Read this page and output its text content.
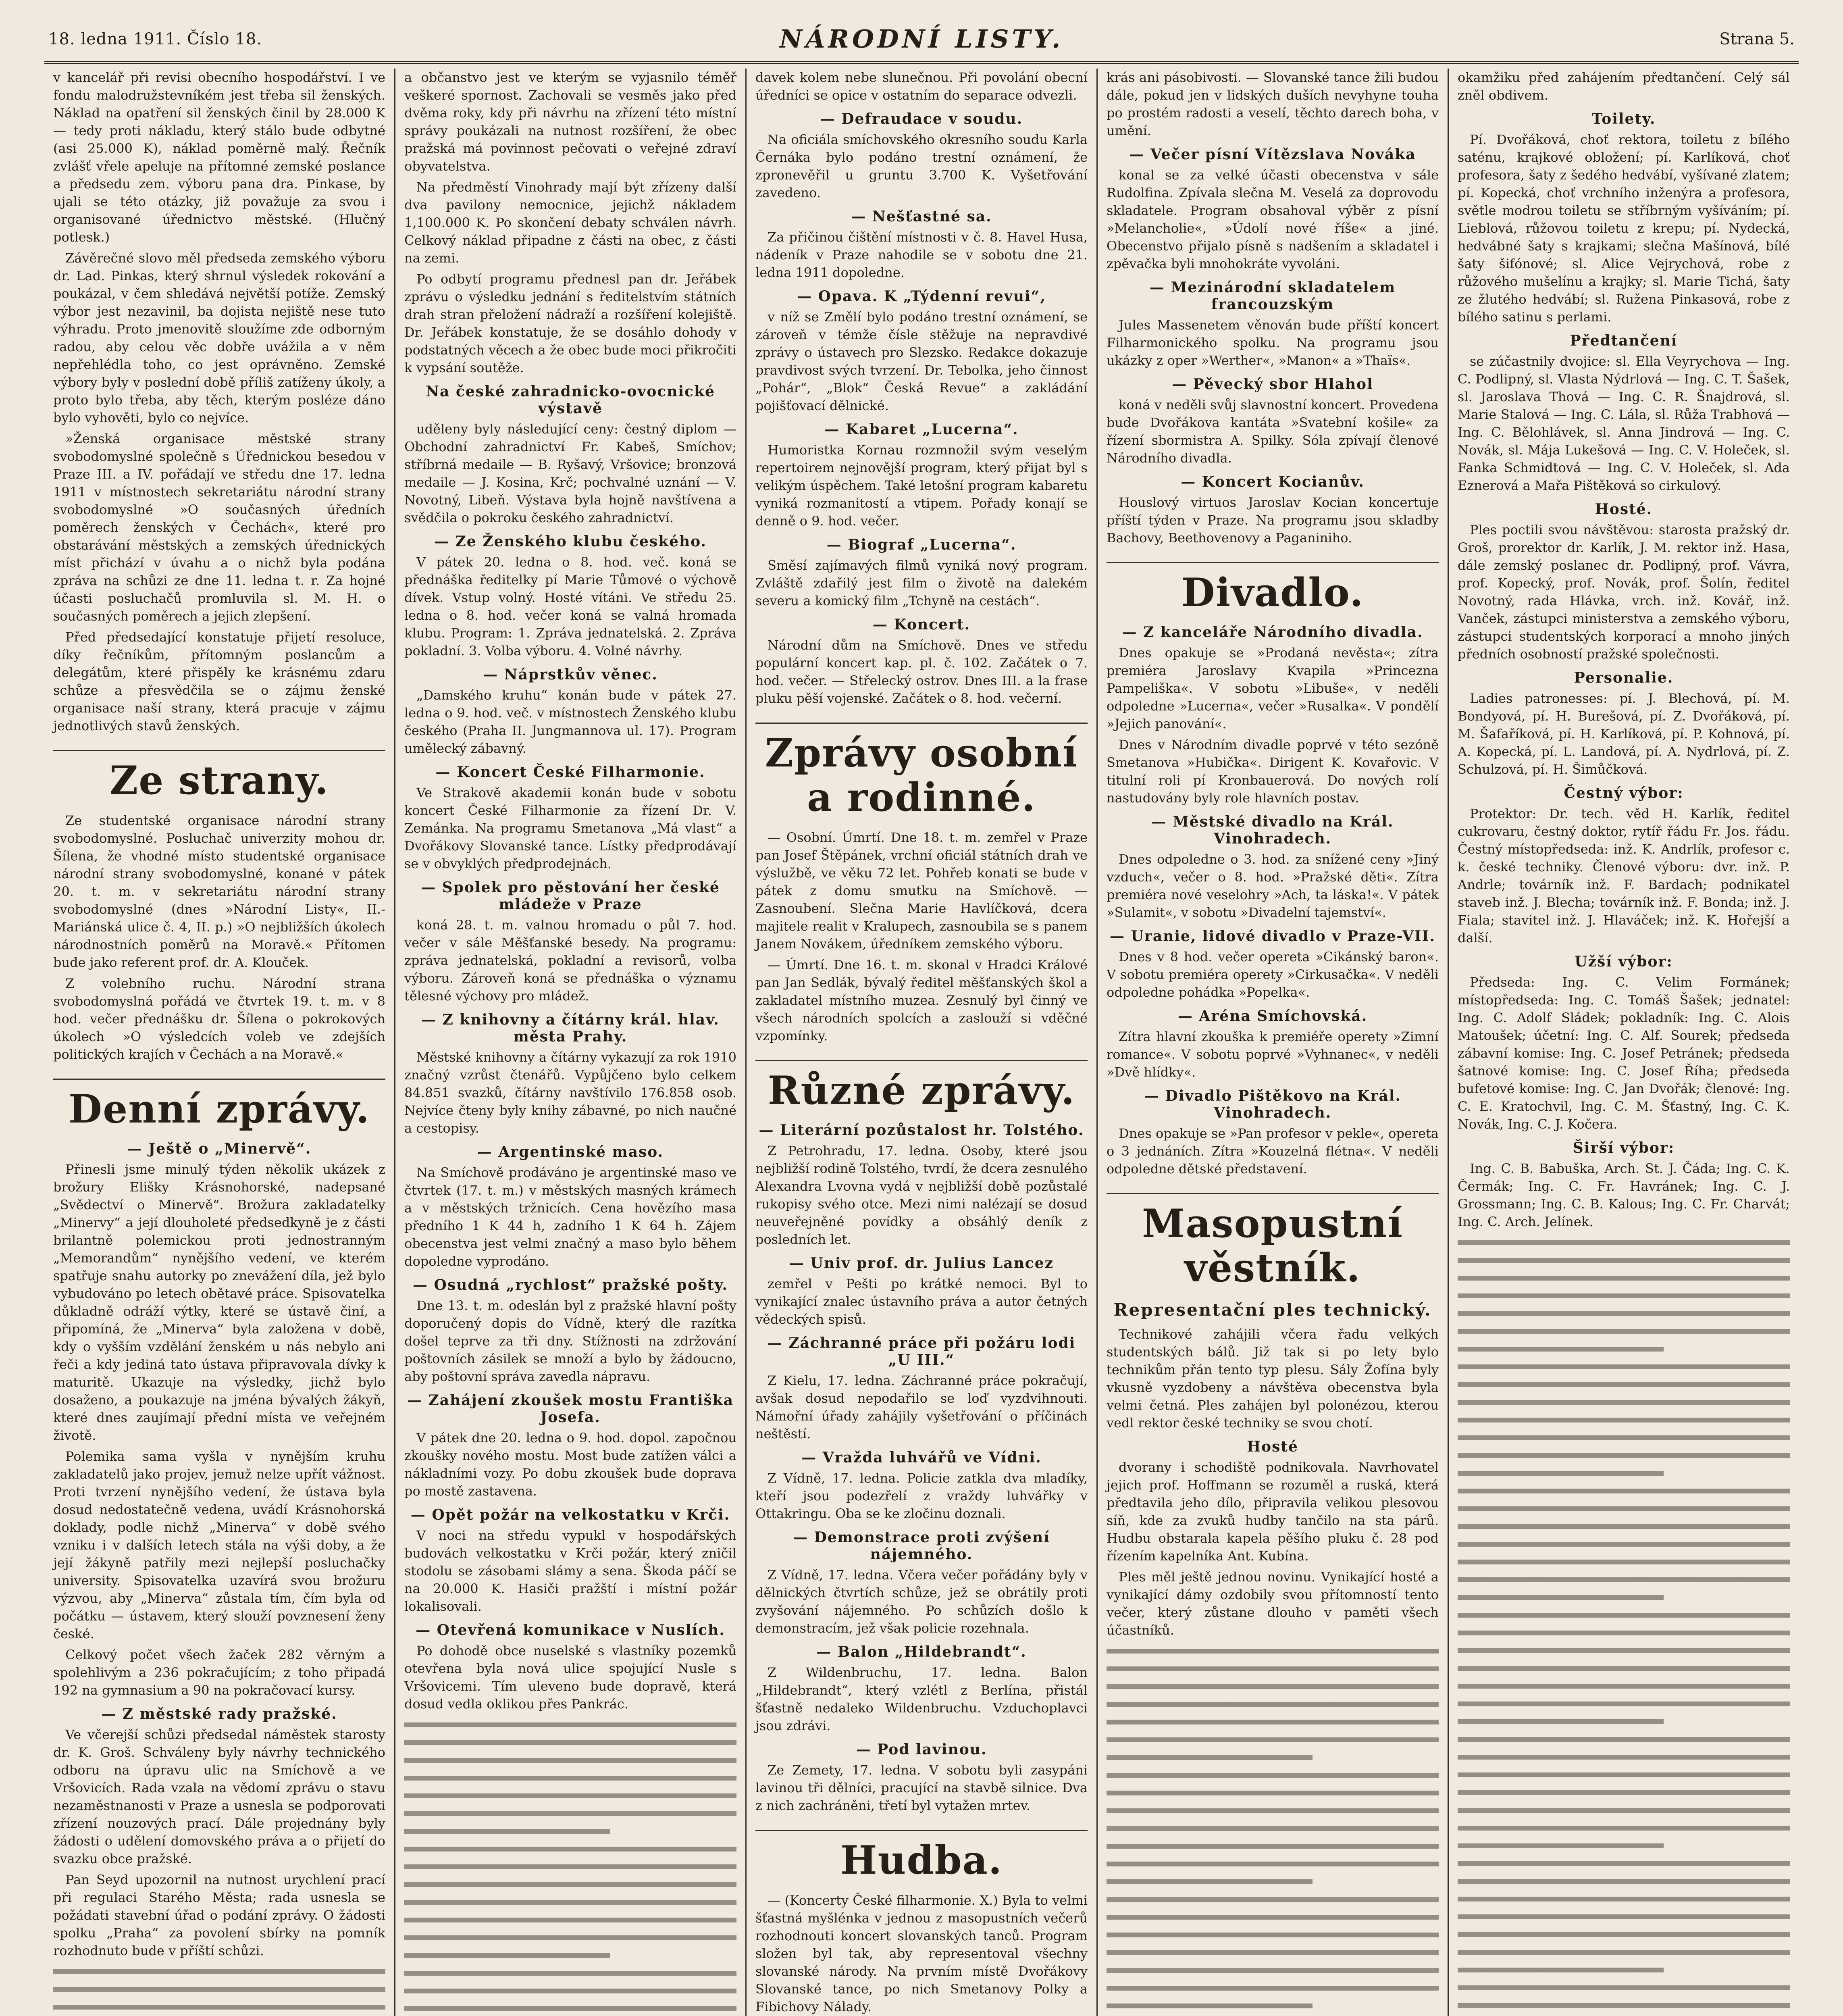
18. ledna 1911. Číslo 18.	NÁRODNÍ LISTY.	Strana 5.

v kancelář při revisi obecního hospodářství. I ve fondu malodružstevníkém jest třeba sil ženských. Náklad na opatření sil ženských činil by 28.000 K — tedy proti nákladu, který stálo bude odbytné (asi 25.000 K), náklad poměrně malý. Řečník zvlášť vřele apeluje na přítomné zemské poslance a předsedu zem. výboru pana dra. Pinkase, by ujali se této otázky, již považuje za svou i organisované úřednictvo městské. (Hlučný potlesk.)

Závěrečné slovo měl předseda zemského výboru dr. Lad. Pinkas, který shrnul výsledek rokování a poukázal, v čem shledává největší potíže. Zemský výbor jest nezavinil, ba dojista nejiště nese tuto výhradu. Proto jmenovitě sloužíme zde odborným radou, aby celou věc dobře uvážila a v něm nepřehlédla toho, co jest oprávněno. Zemské výbory byly v poslední době příliš zatíženy úkoly, a proto bylo třeba, aby těch, kterým posléze dáno bylo vyhověti, bylo co nejvíce.

»Ženská organisace městské strany svobodomyslné společně s Úřednickou besedou v Praze III. a IV. pořádají ve středu dne 17. ledna 1911 v místnostech sekretariátu národní strany svobodomyslné »O současných úředních poměrech ženských v Čechách«, které pro obstarávání městských a zemských úřednických míst přichází v úvahu a o nichž byla podána zpráva na schůzi ze dne 11. ledna t. r. Za hojné účasti posluchačů promluvila sl. M. H. o současných poměrech a jejich zlepšení.

Před předsedající konstatuje přijetí resoluce, díky řečníkům, přítomným poslancům a delegátům, které přispěly ke krásnému zdaru schůze a přesvědčila se o zájmu ženské organisace naší strany, která pracuje v zájmu jednotlivých stavů ženských.

Ze strany.

Ze studentské organisace národní strany svobodomyslné. Posluchač univerzity mohou dr. Šílena, že vhodné místo studentské organisace národní strany svobodomyslné, konané v pátek 20. t. m. v sekretariátu národní strany svobodomyslné (dnes »Národní Listy«, II.-Mariánská ulice č. 4, II. p.) »O nejbližších úkolech národnostních poměrů na Moravě.« Přítomen bude jako referent prof. dr. A. Klouček.

Z volebního ruchu. Národní strana svobodomyslná pořádá ve čtvrtek 19. t. m. v 8 hod. večer přednášku dr. Šílena o pokrokových úkolech »O výsledcích voleb ve zdejších politických krajích v Čechách a na Moravě.«

Denní zprávy.
— Ještě o „Minervě“.

Přinesli jsme minulý týden několik ukázek z brožury Elišky Krásnohorské, nadepsané „Svědectví o Minervě“. Brožura zakladatelky „Minervy“ a její dlouholeté předsedkyně je z části brilantně polemickou proti jednostranným „Memorandům“ nynějšího vedení, ve kterém spatřuje snahu autorky po znevážení díla, jež bylo vybudováno po letech obětavé práce. Spisovatelka důkladně odráží výtky, které se ústavě činí, a připomíná, že „Minerva“ byla založena v době, kdy o vyšším vzdělání ženském u nás nebylo ani řeči a kdy jediná tato ústava připravovala dívky k maturitě. Ukazuje na výsledky, jichž bylo dosaženo, a poukazuje na jména bývalých žákyň, které dnes zaujímají přední místa ve veřejném životě.

Polemika sama vyšla v nynějším kruhu zakladatelů jako projev, jemuž nelze upřít vážnost. Proti tvrzení nynějšího vedení, že ústava byla dosud nedostatečně vedena, uvádí Krásnohorská doklady, podle nichž „Minerva“ v době svého vzniku i v dalších letech stála na výši doby, a že její žákyně patřily mezi nejlepší posluchačky university. Spisovatelka uzavírá svou brožuru výzvou, aby „Minerva“ zůstala tím, čím byla od počátku — ústavem, který slouží povznesení ženy české.

Celkový počet všech žaček 282 věrným a spolehlivým a 236 pokračujícím; z toho připadá 192 na gymnasium a 90 na pokračovací kursy.

— Z městské rady pražské.

Ve včerejší schůzi předsedal náměstek starosty dr. K. Groš. Schváleny byly návrhy technického odboru na úpravu ulic na Smíchově a ve Vršovicích. Rada vzala na vědomí zprávu o stavu nezaměstnanosti v Praze a usnesla se podporovati zřízení nouzových prací. Dále projednány byly žádosti o udělení domovského práva a o přijetí do svazku obce pražské.

Pan Seyd upozornil na nutnost urychlení prací při regulaci Starého Města; rada usnesla se požádati stavební úřad o podání zprávy. O žádosti spolku „Praha“ za povolení sbírky na pomník rozhodnuto bude v příští schůzi.

a občanstvo jest ve kterým se vyjasnilo téměř veškeré spornost. Zachovali se vesměs jako před dvěma roky, kdy při návrhu na zřízení této místní správy poukázali na nutnost rozšíření, že obec pražská má povinnost pečovati o veřejné zdraví obyvatelstva.

Na předměstí Vinohrady mají být zřízeny další dva pavilony nemocnice, jejichž nákladem 1,100.000 K. Po skončení debaty schválen návrh. Celkový náklad připadne z části na obec, z části na zemi.

Po odbytí programu přednesl pan dr. Jeřábek zprávu o výsledku jednání s ředitelstvím státních drah stran přeložení nádraží a rozšíření kolejiště. Dr. Jeřábek konstatuje, že se dosáhlo dohody v podstatných věcech a že obec bude moci přikročiti k vypsání soutěže.

Na české zahradnicko-ovocnické výstavě

uděleny byly následující ceny: čestný diplom — Obchodní zahradnictví Fr. Kabeš, Smíchov; stříbrná medaile — B. Ryšavý, Vršovice; bronzová medaile — J. Kosina, Krč; pochvalné uznání — V. Novotný, Libeň. Výstava byla hojně navštívena a svědčila o pokroku českého zahradnictví.

— Ze Ženského klubu českého.

V pátek 20. ledna o 8. hod. več. koná se přednáška ředitelky pí Marie Tůmové o výchově dívek. Vstup volný. Hosté vítáni. Ve středu 25. ledna o 8. hod. večer koná se valná hromada klubu. Program: 1. Zpráva jednatelská. 2. Zpráva pokladní. 3. Volba výboru. 4. Volné návrhy.

— Náprstkův věnec.

„Damského kruhu“ konán bude v pátek 27. ledna o 9. hod. več. v místnostech Ženského klubu českého (Praha II. Jungmannova ul. 17). Program umělecký zábavný.

— Koncert České Filharmonie.

Ve Strakově akademii konán bude v sobotu koncert České Filharmonie za řízení Dr. V. Zemánka. Na programu Smetanova „Má vlast“ a Dvořákovy Slovanské tance. Lístky předprodávají se v obvyklých předprodejnách.

— Spolek pro pěstování her české mládeže v Praze

koná 28. t. m. valnou hromadu o půl 7. hod. večer v sále Měšťanské besedy. Na programu: zpráva jednatelská, pokladní a revisorů, volba výboru. Zároveň koná se přednáška o významu tělesné výchovy pro mládež.

— Z knihovny a čítárny král. hlav. města Prahy.

Městské knihovny a čítárny vykazují za rok 1910 značný vzrůst čtenářů. Vypůjčeno bylo celkem 84.851 svazků, čítárny navštívilo 176.858 osob. Nejvíce čteny byly knihy zábavné, po nich naučné a cestopisy.

— Argentinské maso.

Na Smíchově prodáváno je argentinské maso ve čtvrtek (17. t. m.) v městských masných krámech a v městských tržnicích. Cena hovězího masa předního 1 K 44 h, zadního 1 K 64 h. Zájem obecenstva jest velmi značný a maso bylo během dopoledne vyprodáno.

— Osudná „rychlost“ pražské pošty.

Dne 13. t. m. odeslán byl z pražské hlavní pošty doporučený dopis do Vídně, který dle razítka došel teprve za tři dny. Stížnosti na zdržování poštovních zásilek se množí a bylo by žádoucno, aby poštovní správa zavedla nápravu.

— Zahájení zkoušek mostu Františka Josefa.

V pátek dne 20. ledna o 9. hod. dopol. započnou zkoušky nového mostu. Most bude zatížen válci a nákladními vozy. Po dobu zkoušek bude doprava po mostě zastavena.

— Opět požár na velkostatku v Krči.

V noci na středu vypukl v hospodářských budovách velkostatku v Krči požár, který zničil stodolu se zásobami slámy a sena. Škoda páčí se na 20.000 K. Hasiči pražští i místní požár lokalisovali.

— Otevřená komunikace v Nuslích.

Po dohodě obce nuselské s vlastníky pozemků otevřena byla nová ulice spojující Nusle s Vršovicemi. Tím uleveno bude dopravě, která dosud vedla oklikou přes Pankrác.

davek kolem nebe slunečnou. Při povolání obecní úředníci se opice v ostatním do separace odvezli.

— Defraudace v soudu.

Na oficiála smíchovského okresního soudu Karla Černáka bylo podáno trestní oznámení, že zpronevěřil u gruntu 3.700 K. Vyšetřování zavedeno.

— Nešťastné sa.

Za přičinou čištění místnosti v č. 8. Havel Husa, nádeník v Praze nahodile se v sobotu dne 21. ledna 1911 dopoledne.

— Opava. K „Týdenní revui“,

v níž se Změlí bylo podáno trestní oznámení, se zároveň v témže čísle stěžuje na nepravdivé zprávy o ústavech pro Slezsko. Redakce dokazuje pravdivost svých tvrzení. Dr. Tebolka, jeho činnost „Pohár“, „Blok“ Česká Revue“ a zakládání pojišťovací dělnické.

— Kabaret „Lucerna“.

Humoristka Kornau rozmnožil svým veselým repertoirem nejnovější program, který přijat byl s velikým úspěchem. Také letošní program kabaretu vyniká rozmanitostí a vtipem. Pořady konají se denně o 9. hod. večer.

— Biograf „Lucerna“.

Směsí zajímavých filmů vyniká nový program. Zvláště zdařilý jest film o životě na dalekém severu a komický film „Tchyně na cestách“.

— Koncert.

Národní dům na Smíchově. Dnes ve středu populární koncert kap. pl. č. 102. Začátek o 7. hod. večer. — Střelecký ostrov. Dnes III. a la frase pluku pěší vojenské. Začátek o 8. hod. večerní.

Zprávy osobní a rodinné.

— Osobní. Úmrtí. Dne 18. t. m. zemřel v Praze pan Josef Štěpánek, vrchní oficiál státních drah ve výslužbě, ve věku 72 let. Pohřeb konati se bude v pátek z domu smutku na Smíchově. — Zasnoubení. Slečna Marie Havlíčková, dcera majitele realit v Kralupech, zasnoubila se s panem Janem Novákem, úředníkem zemského výboru.

— Úmrtí. Dne 16. t. m. skonal v Hradci Králové pan Jan Sedlák, bývalý ředitel měšťanských škol a zakladatel místního muzea. Zesnulý byl činný ve všech národních spolcích a zaslouží si vděčné vzpomínky.

Různé zprávy.
— Literární pozůstalost hr. Tolstého.

Z Petrohradu, 17. ledna. Osoby, které jsou nejbližší rodině Tolstého, tvrdí, že dcera zesnulého Alexandra Lvovna vydá v nejbližší době pozůstalé rukopisy svého otce. Mezi nimi nalézají se dosud neuveřejněné povídky a obsáhlý deník z posledních let.

— Univ prof. dr. Julius Lancez

zemřel v Pešti po krátké nemoci. Byl to vynikající znalec ústavního práva a autor četných vědeckých spisů.

— Záchranné práce při požáru lodi „U III.“

Z Kielu, 17. ledna. Záchranné práce pokračují, avšak dosud nepodařilo se loď vyzdvihnouti. Námořní úřady zahájily vyšetřování o příčinách neštěstí.

— Vražda luhvářů ve Vídni.

Z Vídně, 17. ledna. Policie zatkla dva mladíky, kteří jsou podezřelí z vraždy luhvářky v Ottakringu. Oba se ke zločinu doznali.

— Demonstrace proti zvýšení nájemného.

Z Vídně, 17. ledna. Včera večer pořádány byly v dělnických čtvrtích schůze, jež se obrátily proti zvyšování nájemného. Po schůzích došlo k demonstracím, jež však policie rozehnala.

— Balon „Hildebrandt“.

Z Wildenbruchu, 17. ledna. Balon „Hildebrandt“, který vzlétl z Berlína, přistál šťastně nedaleko Wildenbruchu. Vzduchoplavci jsou zdrávi.

— Pod lavinou.

Ze Zemety, 17. ledna. V sobotu byli zasypáni lavinou tři dělníci, pracující na stavbě silnice. Dva z nich zachráněni, třetí byl vytažen mrtev.

Hudba.

— (Koncerty České filharmonie. X.) Byla to velmi šťastná myšlénka v jednou z masopustních večerů rozhodnouti koncert slovanských tanců. Program složen byl tak, aby representoval všechny slovanské národy. Na prvním místě Dvořákovy Slovanské tance, po nich Smetanovy Polky a Fibichovy Nálady.

krás ani pásobivosti. — Slovanské tance žili budou dále, pokud jen v lidských duších nevyhyne touha po prostém radosti a veselí, těchto darech boha, v umění.

— Večer písní Vítězslava Nováka

konal se za velké účasti obecenstva v sále Rudolfina. Zpívala slečna M. Veselá za doprovodu skladatele. Program obsahoval výběr z písní »Melancholie«, »Údolí nové říše« a jiné. Obecenstvo přijalo písně s nadšením a skladatel i zpěvačka byli mnohokráte vyvoláni.

— Mezinárodní skladatelem francouzským

Jules Massenetem věnován bude příští koncert Filharmonického spolku. Na programu jsou ukázky z oper »Werther«, »Manon« a »Thaïs«.

— Pěvecký sbor Hlahol

koná v neděli svůj slavnostní koncert. Provedena bude Dvořákova kantáta »Svatební košile« za řízení sbormistra A. Spilky. Sóla zpívají členové Národního divadla.

— Koncert Kocianův.

Houslový virtuos Jaroslav Kocian koncertuje příští týden v Praze. Na programu jsou skladby Bachovy, Beethovenovy a Paganiniho.

Divadlo.
— Z kanceláře Národního divadla.

Dnes opakuje se »Prodaná nevěsta«; zítra premiéra Jaroslavy Kvapila »Princezna Pampeliška«. V sobotu »Libuše«, v neděli odpoledne »Lucerna«, večer »Rusalka«. V pondělí »Jejich panování«.

Dnes v Národním divadle poprvé v této sezóně Smetanova »Hubička«. Dirigent K. Kovařovic. V titulní roli pí Kronbauerová. Do nových rolí nastudovány byly role hlavních postav.

— Městské divadlo na Král. Vinohradech.

Dnes odpoledne o 3. hod. za snížené ceny »Jiný vzduch«, večer o 8. hod. »Pražské děti«. Zítra premiéra nové veselohry »Ach, ta láska!«. V pátek »Sulamit«, v sobotu »Divadelní tajemství«.

— Uranie, lidové divadlo v Praze-VII.

Dnes v 8 hod. večer opereta »Cikánský baron«. V sobotu premiéra operety »Cirkusačka«. V neděli odpoledne pohádka »Popelka«.

— Aréna Smíchovská.

Zítra hlavní zkouška k premiéře operety »Zimní romance«. V sobotu poprvé »Vyhnanec«, v neděli »Dvě hlídky«.

— Divadlo Pištěkovo na Král. Vinohradech.

Dnes opakuje se »Pan profesor v pekle«, opereta o 3 jednáních. Zítra »Kouzelná flétna«. V neděli odpoledne dětské představení.

Masopustní věstník.
Representační ples technický.

Technikové zahájili včera řadu velkých studentských bálů. Již tak si po lety bylo technikům přán tento typ plesu. Sály Žofína byly vkusně vyzdobeny a návštěva obecenstva byla velmi četná. Ples zahájen byl polonézou, kterou vedl rektor české techniky se svou chotí.

Hosté

dvorany i schodiště podnikovala. Navrhovatel jejich prof. Hoffmann se rozuměl a ruská, která předtavila jeho dílo, připravila velikou plesovou síň, kde za zvuků hudby tančilo na sta párů. Hudbu obstarala kapela pěšího pluku č. 28 pod řízením kapelníka Ant. Kubína.

Ples měl ještě jednou novinu. Vynikající hosté a vynikající dámy ozdobily svou přítomností tento večer, který zůstane dlouho v paměti všech účastníků.

okamžiku před zahájením předtančení. Celý sál zněl obdivem.

Toilety.

Pí. Dvořáková, choť rektora, toiletu z bílého saténu, krajkové obložení; pí. Karlíková, choť profesora, šaty z šedého hedvábí, vyšívané zlatem; pí. Kopecká, choť vrchního inženýra a profesora, světle modrou toiletu se stříbrným vyšíváním; pí. Lieblová, růžovou toiletu z krepu; pí. Nydecká, hedvábné šaty s krajkami; slečna Mašínová, bílé šaty šifónové; sl. Alice Vejrychová, robe z růžového mušelínu a krajky; sl. Marie Tichá, šaty ze žlutého hedvábí; sl. Ružena Pinkasová, robe z bílého satinu s perlami.

Předtančení

se zúčastnily dvojice: sl. Ella Veyrychova — Ing. C. Podlipný, sl. Vlasta Nýdrlová — Ing. C. T. Šašek, sl. Jaroslava Thová — Ing. C. R. Šnajdrová, sl. Marie Stalová — Ing. C. Lála, sl. Růža Trabhová — Ing. C. Bělohlávek, sl. Anna Jindrová — Ing. C. Novák, sl. Mája Lukešová — Ing. C. V. Holeček, sl. Fanka Schmidtová — Ing. C. V. Holeček, sl. Ada Eznerová a Mařa Pištěková so cirkulový.

Hosté.

Ples poctili svou návštěvou: starosta pražský dr. Groš, prorektor dr. Karlík, J. M. rektor inž. Hasa, dále zemský poslanec dr. Podlipný, prof. Vávra, prof. Kopecký, prof. Novák, prof. Šolín, ředitel Novotný, rada Hlávka, vrch. inž. Kovář, inž. Vanček, zástupci ministerstva a zemského výboru, zástupci studentských korporací a mnoho jiných předních osobností pražské společnosti.

Personalie.

Ladies patronesses: pí. J. Blechová, pí. M. Bondyová, pí. H. Burešová, pí. Z. Dvořáková, pí. M. Šafaříková, pí. H. Karlíková, pí. P. Kohnová, pí. A. Kopecká, pí. L. Landová, pí. A. Nydrlová, pí. Z. Schulzová, pí. H. Šimůčková.

Čestný výbor:

Protektor: Dr. tech. věd H. Karlík, ředitel cukrovaru, čestný doktor, rytíř řádu Fr. Jos. řádu. Čestný místopředseda: inž. K. Andrlík, profesor c. k. české techniky. Členové výboru: dvr. inž. P. Andrle; továrník inž. F. Bardach; podnikatel staveb inž. J. Blecha; továrník inž. F. Bonda; inž. J. Fiala; stavitel inž. J. Hlaváček; inž. K. Hořejší a další.

Užší výbor:

Předseda: Ing. C. Velim Formánek; místopředseda: Ing. C. Tomáš Šašek; jednatel: Ing. C. Adolf Sládek; pokladník: Ing. C. Alois Matoušek; účetní: Ing. C. Alf. Sourek; předseda zábavní komise: Ing. C. Josef Petránek; předseda šatnové komise: Ing. C. Josef Říha; předseda bufetové komise: Ing. C. Jan Dvořák; členové: Ing. C. E. Kratochvil, Ing. C. M. Šťastný, Ing. C. K. Novák, Ing. C. J. Kočera.

Širší výbor:

Ing. C. B. Babuška, Arch. St. J. Čáda; Ing. C. K. Čermák; Ing. C. Fr. Havránek; Ing. C. J. Grossmann; Ing. C. B. Kalous; Ing. C. Fr. Charvát; Ing. C. Arch. Jelínek.
